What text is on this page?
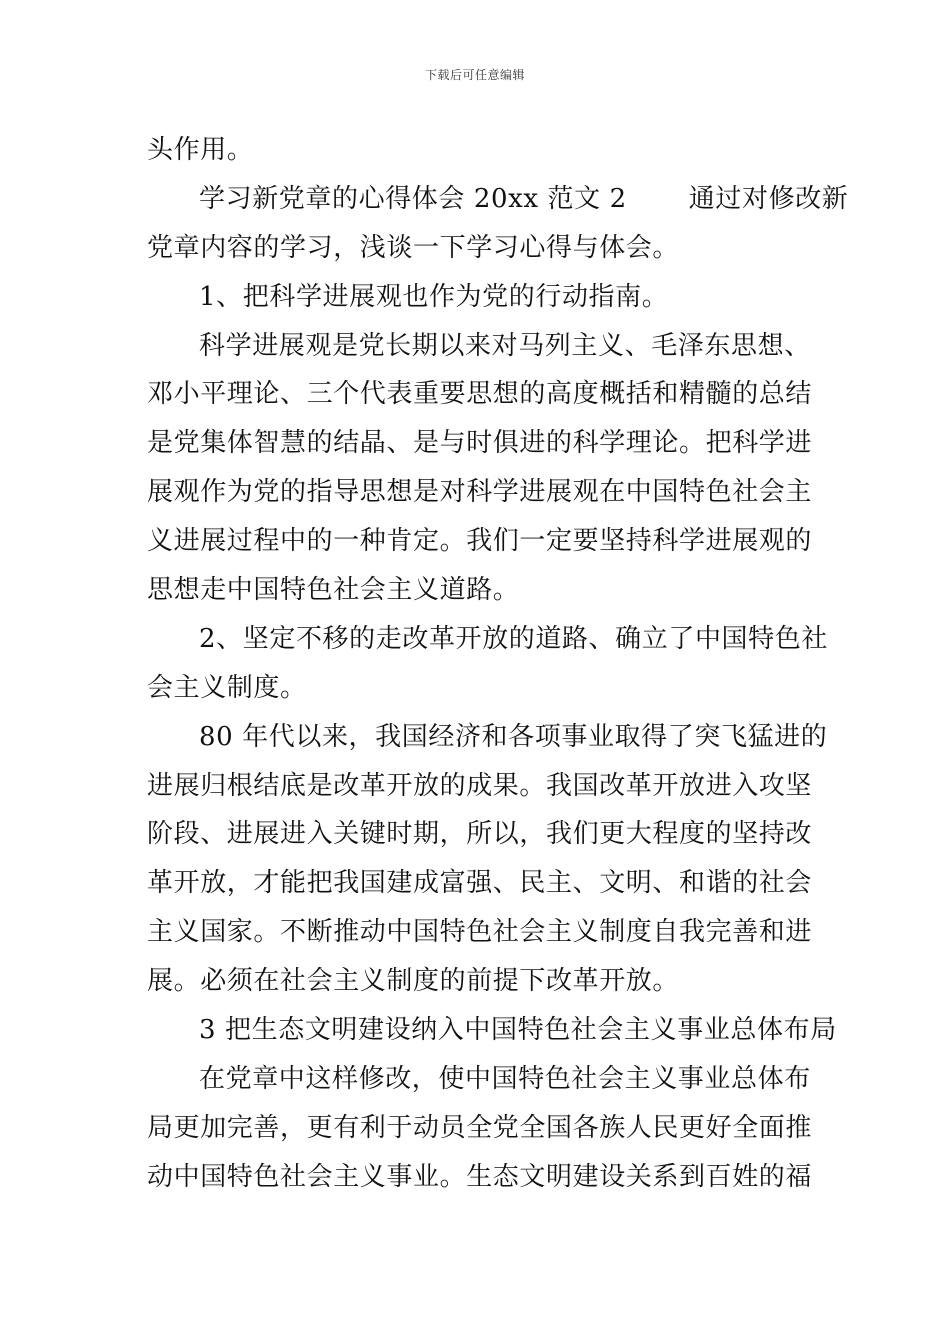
下载后可任意编辑
头作用。
学习新党章的心得体会 20xx 范文 2　　 通过对修改新
党章内容的学习，浅谈一下学习心得与体会。
1、把科学进展观也作为党的行动指南。
科学进展观是党长期以来对马列主义、毛泽东思想、
邓小平理论、三个代表重要思想的高度概括和精髓的总结
是党集体智慧的结晶、是与时俱进的科学理论。把科学进
展观作为党的指导思想是对科学进展观在中国特色社会主
义进展过程中的一种肯定。我们一定要坚持科学进展观的
思想走中国特色社会主义道路。
2、坚定不移的走改革开放的道路、确立了中国特色社
会主义制度。
80 年代以来，我国经济和各项事业取得了突飞猛进的
进展归根结底是改革开放的成果。我国改革开放进入攻坚
阶段、进展进入关键时期，所以，我们更大程度的坚持改
革开放，才能把我国建成富强、民主、文明、和谐的社会
主义国家。不断推动中国特色社会主义制度自我完善和进
展。必须在社会主义制度的前提下改革开放。
3 把生态文明建设纳入中国特色社会主义事业总体布局
在党章中这样修改，使中国特色社会主义事业总体布
局更加完善，更有利于动员全党全国各族人民更好全面推
动中国特色社会主义事业。生态文明建设关系到百姓的福
